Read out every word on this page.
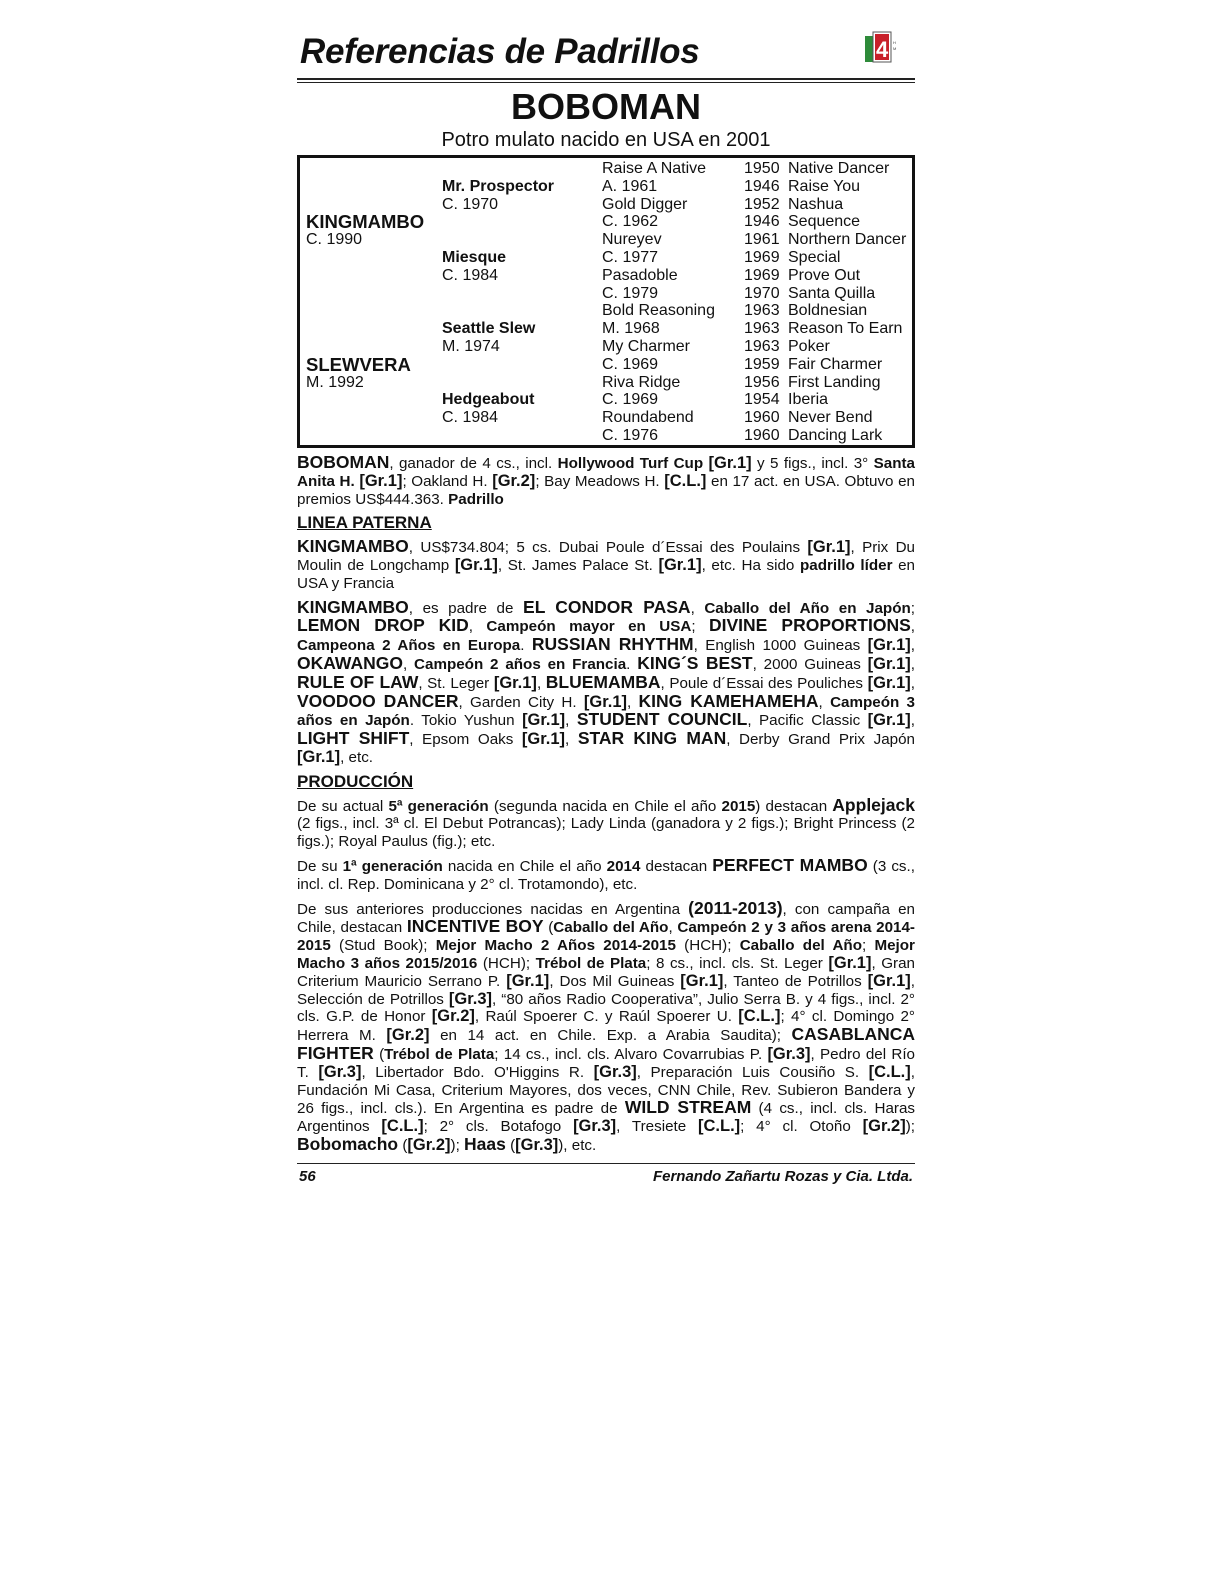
Referencias de Padrillos	4 H
M
BOBOMAN
Potro mulato nacido en USA en 2001
KINGMAMBO
C. 1990
SLEWVERA
M. 1992
Mr. Prospector
C. 1970
Miesque
C. 1984
Seattle Slew
M. 1974
Hedgeabout
C. 1984
Raise A Native
A. 1961
Gold Digger
C. 1962
Nureyev
C. 1977
Pasadoble
C. 1979
Bold Reasoning
M. 1968
My Charmer
C. 1969
Riva Ridge
C. 1969
Roundabend
C. 1976
1950 Native Dancer
1946 Raise You
1952 Nashua
1946 Sequence
1961 Northern Dancer
1969 Special
1969 Prove Out
1970 Santa Quilla
1963 Boldnesian
1963 Reason To Earn
1963 Poker
1959 Fair Charmer
1956 First Landing
1954 Iberia
1960 Never Bend
1960 Dancing Lark

BOBOMAN, ganador de 4 cs., incl. Hollywood Turf Cup [Gr.1] y 5 figs., incl. 3° Santa Anita H. [Gr.1]; Oakland H. [Gr.2]; Bay Meadows H. [C.L.] en 17 act. en USA. Obtuvo en premios US$444.363. Padrillo

LINEA PATERNA

KINGMAMBO, US$734.804; 5 cs. Dubai Poule d´Essai des Poulains [Gr.1], Prix Du Moulin de Longchamp [Gr.1], St. James Palace St. [Gr.1], etc. Ha sido padrillo líder en USA y Francia

KINGMAMBO, es padre de EL CONDOR PASA, Caballo del Año en Japón; LEMON DROP KID, Campeón mayor en USA; DIVINE PROPORTIONS, Campeona 2 Años en Europa. RUSSIAN RHYTHM, English 1000 Guineas [Gr.1], OKAWANGO, Campeón 2 años en Francia. KING´S BEST, 2000 Guineas [Gr.1], RULE OF LAW, St. Leger [Gr.1], BLUEMAMBA, Poule d´Essai des Pouliches [Gr.1], VOODOO DANCER, Garden City H. [Gr.1], KING KAMEHAMEHA, Campeón 3 años en Japón. Tokio Yushun [Gr.1], STUDENT COUNCIL, Pacific Classic [Gr.1], LIGHT SHIFT, Epsom Oaks [Gr.1], STAR KING MAN, Derby Grand Prix Japón [Gr.1], etc.

PRODUCCIÓN

De su actual 5ª generación (segunda nacida en Chile el año 2015) destacan Applejack (2 figs., incl. 3ª cl. El Debut Potrancas); Lady Linda (ganadora y 2 figs.); Bright Princess (2 figs.); Royal Paulus (fig.); etc.

De su 1ª generación nacida en Chile el año 2014 destacan PERFECT MAMBO (3 cs., incl. cl. Rep. Dominicana y 2° cl. Trotamondo), etc.

De sus anteriores producciones nacidas en Argentina (2011-2013), con campaña en Chile, destacan INCENTIVE BOY (Caballo del Año, Campeón 2 y 3 años arena 2014-2015 (Stud Book); Mejor Macho 2 Años 2014-2015 (HCH); Caballo del Año; Mejor Macho 3 años 2015/2016 (HCH); Trébol de Plata; 8 cs., incl. cls. St. Leger [Gr.1], Gran Criterium Mauricio Serrano P. [Gr.1], Dos Mil Guineas [Gr.1], Tanteo de Potrillos [Gr.1], Selección de Potrillos [Gr.3], “80 años Radio Cooperativa”, Julio Serra B. y 4 figs., incl. 2° cls. G.P. de Honor [Gr.2], Raúl Spoerer C. y Raúl Spoerer U. [C.L.]; 4° cl. Domingo 2° Herrera M. [Gr.2] en 14 act. en Chile. Exp. a Arabia Saudita); CASABLANCA FIGHTER (Trébol de Plata; 14 cs., incl. cls. Alvaro Covarrubias P. [Gr.3], Pedro del Río T. [Gr.3], Libertador Bdo. O'Higgins R. [Gr.3], Preparación Luis Cousiño S. [C.L.], Fundación Mi Casa, Criterium Mayores, dos veces, CNN Chile, Rev. Subieron Bandera y 26 figs., incl. cls.). En Argentina es padre de WILD STREAM (4 cs., incl. cls. Haras Argentinos [C.L.]; 2° cls. Botafogo [Gr.3], Tresiete [C.L.]; 4° cl. Otoño [Gr.2]); Bobomacho ([Gr.2]); Haas ([Gr.3]), etc.

56	Fernando Zañartu Rozas y Cia. Ltda.
